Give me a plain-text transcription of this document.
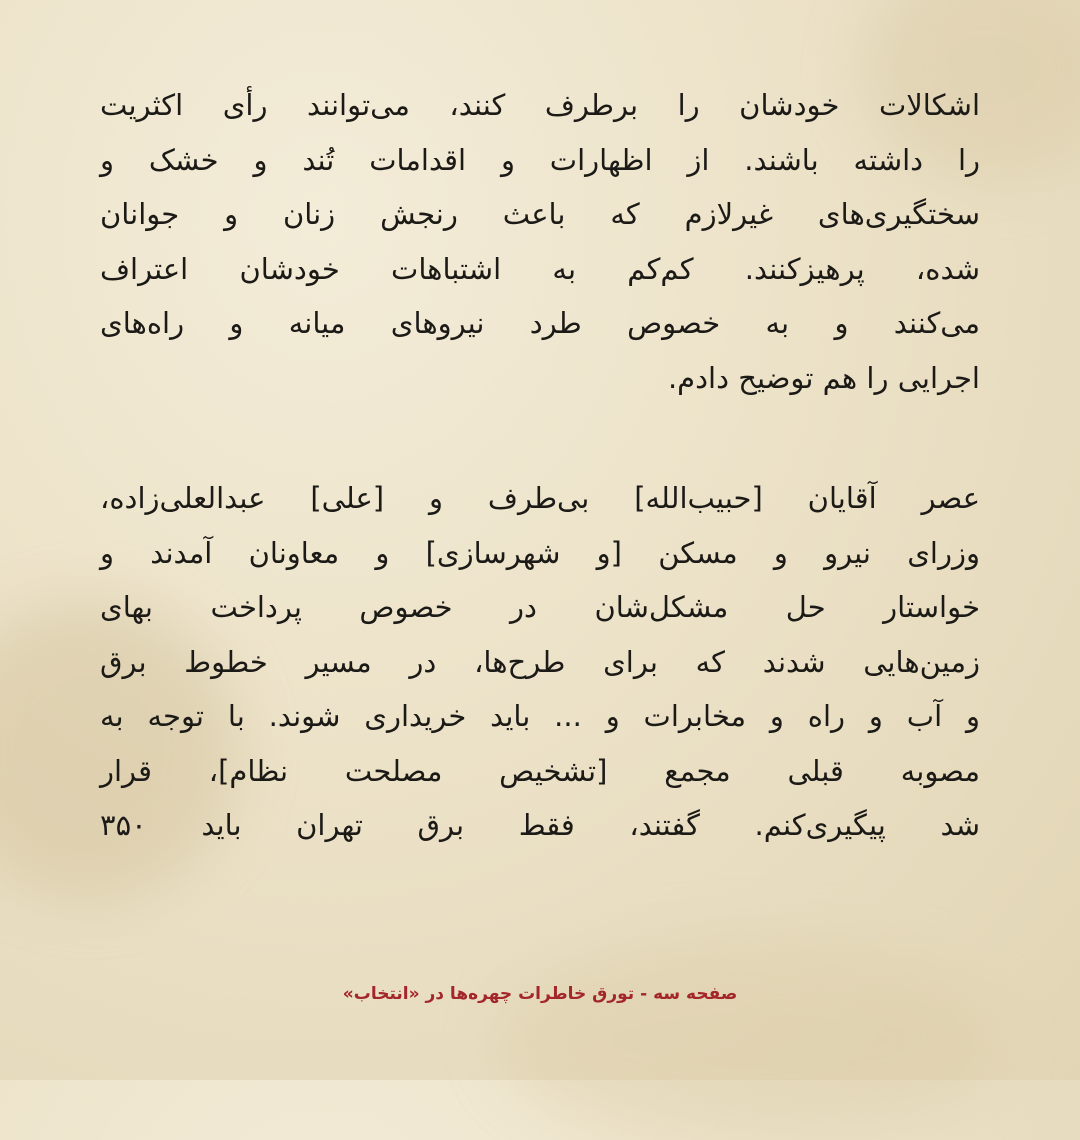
اشکالات خودشان را برطرف کنند، می‌توانند رأی اکثریت
را داشته باشند. از اظهارات و اقدامات تُند و خشک و
سختگیری‌های غیرلازم که باعث رنجش زنان و جوانان
شده، پرهیزکنند. کم‌کم به اشتباهات خودشان اعتراف
می‌کنند و به خصوص طرد نیروهای میانه و راه‌های
اجرایی را هم توضیح دادم.
عصر آقایان [حبیب‌الله] بی‌طرف و [علی] عبدالعلی‌زاده،
وزرای نیرو و مسکن [و شهرسازی] و معاونان آمدند و
خواستار حل مشکل‌شان در خصوص پرداخت بهای
زمین‌هایی شدند که برای طرح‌ها، در مسیر خطوط برق
و آب و راه و مخابرات و ... باید خریداری شوند. با توجه به
مصوبه قبلی مجمع [تشخیص مصلحت نظام]، قرار
شد پیگیری‌کنم. گفتند، فقط برق تهران باید ۳۵۰
صفحه سه - تورق خاطرات چهره‌ها در «انتخاب»
